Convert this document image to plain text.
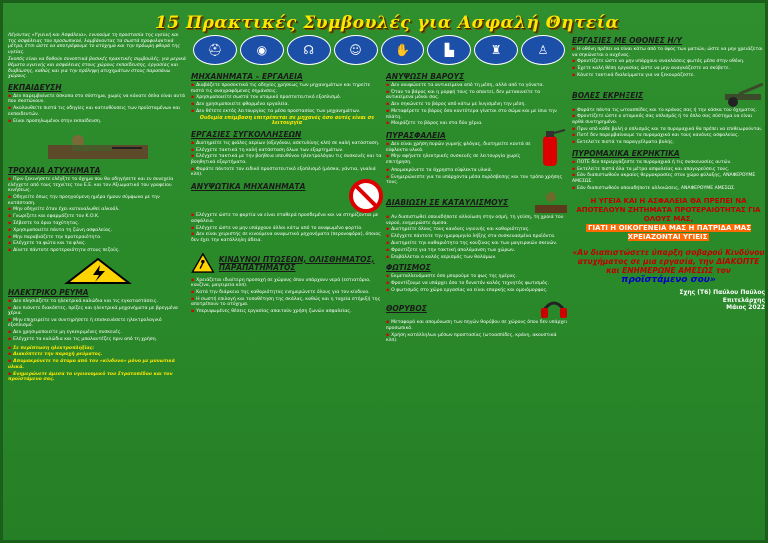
15 Πρακτικές Συμβουλές για Ασφαλή Θητεία

Λέγοντας «Υγιεινή και Ασφάλεια», εννοούμε τη προστασία της υγείας και της ασφάλειας του προσωπικού, λαμβάνοντας τα σωστά προφυλακτικά μέτρα, έτσι ώστε να αποτρέψουμε το ατύχημα και την πρόωρη φθορά της υγείας.

Σκοπός είναι να δοθούν συνοπτικά βασικές πρακτικές συμβουλές, για μερικά θέματα υγιεινής και ασφάλειας στους χώρους εκπαίδευσης, εργασίας και διαβίωσης, καθώς και για την πρόληψη ατυχημάτων στους παραπάνω χώρους.

ΕΚΠΑΙΔΕΥΣΗ
▪ Δεν παρεμβαίνετε άσκοπα στο σύστημα, χωρίς να κάνατε όπλα είναι αυτά που σκοτώνουν.
▪ Ακολουθείτε πιστά τις οδηγίες και κατευθύνσεις των προϊσταμένων και εκπαιδευτών.
▪ Είναι προσηλωμένοι στην εκπαίδευση.
ΤΡΟΧΑΙΑ ΑΤΥΧΗΜΑΤΑ
▪ Πριν ξεκινήσετε ελέγξτε το όχημα που θα οδηγήσετε και εν συνεχεία ελέγχετε από τους τεχνίτες του Ε.Ε. και τον Αξιωματικό του γραφείου κινήσεως.
▪ Οδηγείτε όπως την προηγούμενη ημέρα ήμουν σύμφωνα με την κατάσταση.
▪ Μην οδηγείτε όταν έχει καταναλωθεί αλκοόλ.
▪ Γνωρίζετε και εφαρμόζετε τον Κ.Ο.Κ.
▪ Σέβεστε τα όρια ταχύτητας.
▪ Χρησιμοποιείτε πάντα τη ζώνη ασφαλείας.
▪ Μην παραβιάζετε την προτεραιότητα.
▪ Ελέγχετε τα φώτα και τα φλας.
▪ Δίνετε πάντοτε προτεραιότητα στους πεζούς.
ΗΛΕΚΤΡΙΚΟ ΡΕΥΜΑ
▪ Δεν πλησιάζετε τα ηλεκτρικά καλώδια και τις εγκαταστάσεις.
▪ Δεν πιάνετε διακόπτες, πρίζες και ηλεκτρικά μηχανήματα με βρεγμένα χέρια.
▪ Μην επιχειρείτε να συντηρήσετε ή επισκευάσετε ηλεκτρολογικό εξοπλισμό.
▪ Δεν χρησιμοποιείτε μη εγκεκριμένες συσκευές.
▪ Ελέγχετε τα καλώδια και τις μπαλαντέζες πριν από τη χρήση.
▪ Σε περίπτωση ηλεκτροπληξίας:
▪ Διακόπτετε την παροχή ρεύματος.
▪ Απομακρύνετε το άτομο από τον «κίνδυνο» μόνο με μονωτικά υλικά.
▪ Ενημερώνετε άμεσα το υγειονομικό του Στρατοπέδου και τον προϊστάμενο σας.
⛑	◉	☊	☺	✋	▙	♜	♙
ΜΗΧΑΝΗΜΑΤΑ – ΕΡΓΑΛΕΙΑ
▪ Διαβάζετε προσεκτικά τις οδηγίες χρήσεως των μηχανημάτων και τηρείτε πιστά τις αναγραφόμενες σημάνσεις.
▪ Χρησιμοποιείτε σωστά τον ατομικό προστατευτικό εξοπλισμό.
▪ Δεν χρησιμοποιείτε φθαρμένα εργαλεία.
▪ Δεν θέτετε εκτός λειτουργίας τα μέσα προστασίας των μηχανημάτων.
Ουδεμία επέμβαση επιτρέπεται σε μηχανές όσο αυτές είναι σε λειτουργία
ΕΡΓΑΣΙΕΣ ΣΥΓΚΟΛΛΗΣΕΩΝ
▪ Διατηρείτε τις φιάλες αερίων (οξυγόνου, ασετυλίνης κλπ) σε καλή κατάσταση.
▪ Ελέγχετε τακτικά τη καλή κατάσταση όλων των εξαρτημάτων.
▪ Ελέγχετε τακτικά με την βοήθεια υπευθύνου ηλεκτρολόγου τις συσκευές και τα βοηθητικά εξαρτήματα.
▪ Φοράτε πάντοτε τον ειδικό προστατευτικό εξοπλισμό (μάσκα, γάντια, γυαλιά κλπ).
ΑΝΥΨΩΤΙΚΑ ΜΗΧΑΝΗΜΑΤΑ
▪ Ελέγχετε ώστε τα φορτία να είναι σταθερά προσδεμένα και να στηρίζονται με ασφάλεια.
▪ Ελέγχετε ώστε να μην υπάρχουν άλλοι κάτω από το ανυψωμένο φορτίο.
▪ Δεν είναι χειριστής σε κινούμενα ανυψωτικά μηχανήματα (περονοφόρα), όποιος δεν έχει την κατάλληλη άδεια.
ΚΙΝΔΥΝΟΙ ΠΤΩΣΕΩΝ, ΟΛΙΣΘΗΜΑΤΟΣ, ΠΑΡΑΠΑΤΗΜΑΤΟΣ
▪ Χρειάζεται ιδιαίτερη προσοχή σε χώρους όπου υπάρχουν νερά (εστιατόριο, κουζίνα, μαγειρεία κλπ).
▪ Κατά την διάρκεια της καθαριότητας ενημερώνετε όλους για τον κίνδυνο.
▪ Η σωστή επιλογή και τοποθέτηση της σκάλας, καθώς και η ταχεία στήριξή της αποτρέπουν το ατύχημα.
▪ Υπερυψωμένες θέσεις εργασίας απαιτούν χρήση ζωνών ασφαλείας.
ΑΝΥΨΩΣΗ ΒΑΡΟΥΣ
▪ Δεν ανυψώνετε τα αντικείμενα από τη μέση, αλλά από τα γόνατα.
▪ Όταν το βάρος και η μορφή τους το απαιτεί, δεν μετακινείτε τα αντικείμενα μόνοι σας.
▪ Δεν σηκώνετε το βάρος από κάτω με λυγισμένη την μέση.
▪ Μεταφέρετε το βάρος όσο κοντύτερα γίνεται στο σώμα και με ίσια την πλάτη.
▪ Μοιράζετε το βάρος και στα δύο χέρια.
ΠΥΡΑΣΦΑΛΕΙΑ
▪ Δεν είναι χρήση πυρών γυμνής φλόγας, διατηρείτε κοντά σε εύφλεκτα υλικά.
▪ Μην αφήνετε ηλεκτρικές συσκευές σε λειτουργία χωρίς επιτήρηση.
▪ Απομακρύνετε τα άχρηστα εύφλεκτα υλικά.
▪ Ενημερώνεστε για τα υπάρχοντα μέσα πυρόσβεσης και τον τρόπο χρήσης τους.
ΔΙΑΒΙΩΣΗ ΣΕ ΚΑΤΑΥΛΙΣΜΟΥΣ
▪ Αν διαπιστωθεί οποιαδήποτε αλλοίωση στην οσμή, τη γεύση, τη χροιά του νερού, ενημερώστε άμεσα.
▪ Διατηρείτε όλους τους κανόνες υγιεινής και καθαριότητας.
▪ Ελέγχετε πάντοτε την ημερομηνία λήξης στα συσκευασμένα προϊόντα.
▪ Διατηρείτε την καθαριότητα της κουζίνας και των μαγειρικών σκευών.
▪ Φροντίζετε για την τακτική απολύμανση των χώρων.
▪ Επιβάλλεται ο καλός αερισμός των θαλάμων.
ΦΩΤΙΣΜΟΣ
▪ Εκμεταλλευόμαστε όσο μπορούμε το φως της ημέρας.
▪ Φροντίζουμε να υπάρχει όσο το δυνατόν καλός τεχνητός φωτισμός.
▪ Ο φωτισμός στο χώρο εργασίας να είναι επαρκής και ομοιόμορφος.
ΘΟΡΥΒΟΣ
▪ Μεταφορά και απομόνωση των πηγών θορύβου σε χώρους όπου δεν υπάρχει προσωπικό.
▪ Χρήση κατάλληλων μέσων προστασίας (ωτοασπίδες, κράνη, ακουστικά κλπ).
ΕΡΓΑΣΙΕΣ ΜΕ ΟΘΟΝΕΣ Η/Υ
▪ Η οθόνη πρέπει να είναι κάτω από το ύψος των ματιών, ώστε να μην χρειάζεται να σηκώνεται ο αυχένας.
▪ Φροντίζετε ώστε να μην υπάρχουν ανακλάσεις φωτός μέσα στην οθόνη.
▪ Έχετε καλή θέση εργασίας ώστε να μην αναγκάζεστε να σκύβετε.
▪ Κάνετε τακτικά διαλείμματα για να ξεκουράζεστε.
ΒΟΛΕΣ ΕΚΡΗΞΕΙΣ
▪ Φοράτε πάντα τις ωτοασπίδες και το κράνος σας ή την κάσκα του όχηματος.
▪ Φροντίζετε ώστε ο ατομικός σας οπλισμός ή το όπλο σας σύστημα να είναι αρθά συντηρημένο.
▪ Πριν από κάθε βολή ο οπλισμός και τα πυρομαχικά θα πρέπει να επιθεωρούνται.
▪ Ποτέ δεν παρεμβαίνουμε τα πυρομαχικά και τους κανόνες ασφαλείας.
▪ Εκτελείτε πιστά τα παραγγέλματα βολής.
ΠΥΡΟΜΑΧΙΚΑ ΕΚΡΗΚΤΙΚΑ
▪ ΠΟΤΕ δεν περιεργάζεστε τα πυρομαχικά ή τις συσκευασίες αυτών.
▪ Εκτελείτε πιστά όλα τα μέτρα ασφαλείας και απαγορεύσεις τους.
▪ Εάν διαπιστωθούν ακραίες θερμοκρασίες στον χώρο φύλαξης, ΑΝΑΦΕΡΟΥΜΕ ΑΜΕΣΩΣ.
▪ Εάν διαπιστωθούν οποιαδήποτε αλλοιώσεις, ΑΝΑΦΕΡΟΥΜΕ ΑΜΕΣΩΣ.
Η ΥΓΕΙΑ ΚΑΙ Η ΑΣΦΑΛΕΙΑ ΘΑ ΠΡΕΠΕΙ ΝΑ ΑΠΟΤΕΛΟΥΝ ΖΗΤΗΜΑΤΑ ΠΡΟΤΕΡΑΙΟΤΗΤΑΣ ΓΙΑ ΟΛΟΥΣ ΜΑΣ,
ΓΙΑΤΙ Η ΟΙΚΟΓΕΝΕΙΑ ΜΑΣ Η ΠΑΤΡΙΔΑ ΜΑΣ ΧΡΕΙΑΖΟΝΤΑΙ ΥΓΙΕΙΣ
«Αν διαπιστώσετε ύπαρξη σοβαρού Κινδύνου ατυχήματος σε μια εργασία, την ΔΙΑΚΟΠΤΕ και ΕΝΗΜΕΡΩΝΕ ΑΜΕΣΩΣ τον
προϊστάμενο σου»
Σχης (Τ6) Παύλου Παύλος
Επιτελάρχης
Μάιος 2022
